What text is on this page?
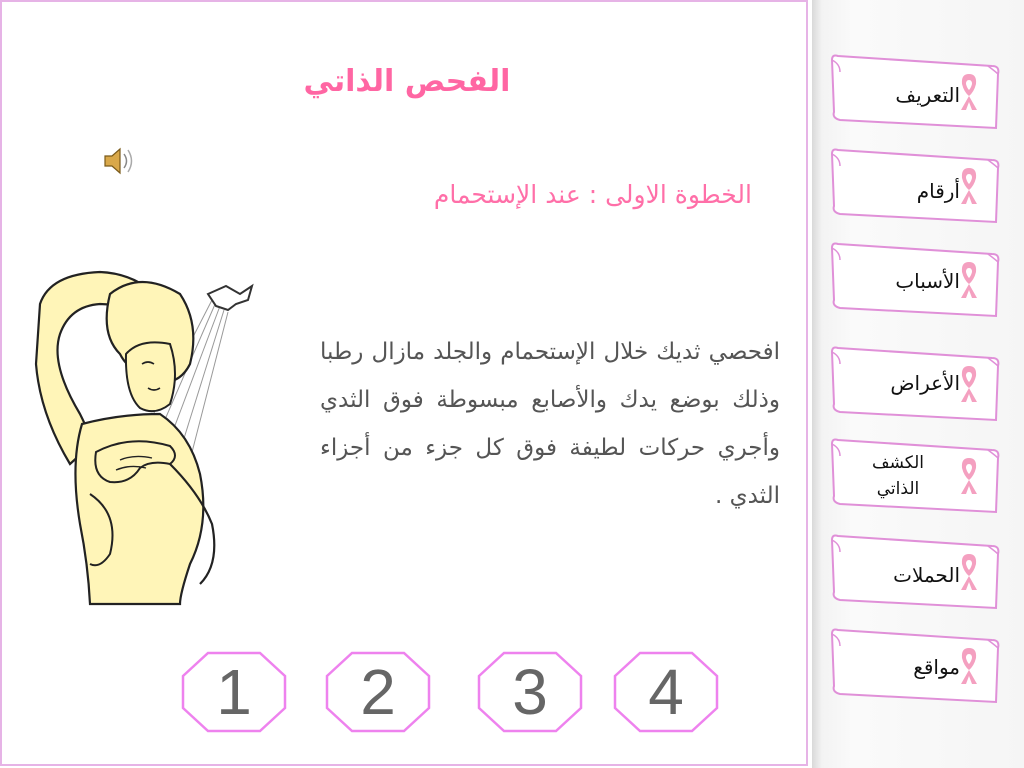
الفحص الذاتي
الخطوة الاولى : عند الإستحمام
افحصي ثديك خلال الإستحمام والجلد مازال رطبا وذلك بوضع يدك والأصابع مبسوطة فوق الثدي وأجري حركات لطيفة فوق كل جزء من أجزاء الثدي .
1	2	3	4
التعريف
أرقام
الأسباب
الأعراض
الكشف الذاتي
الحملات
مواقع
